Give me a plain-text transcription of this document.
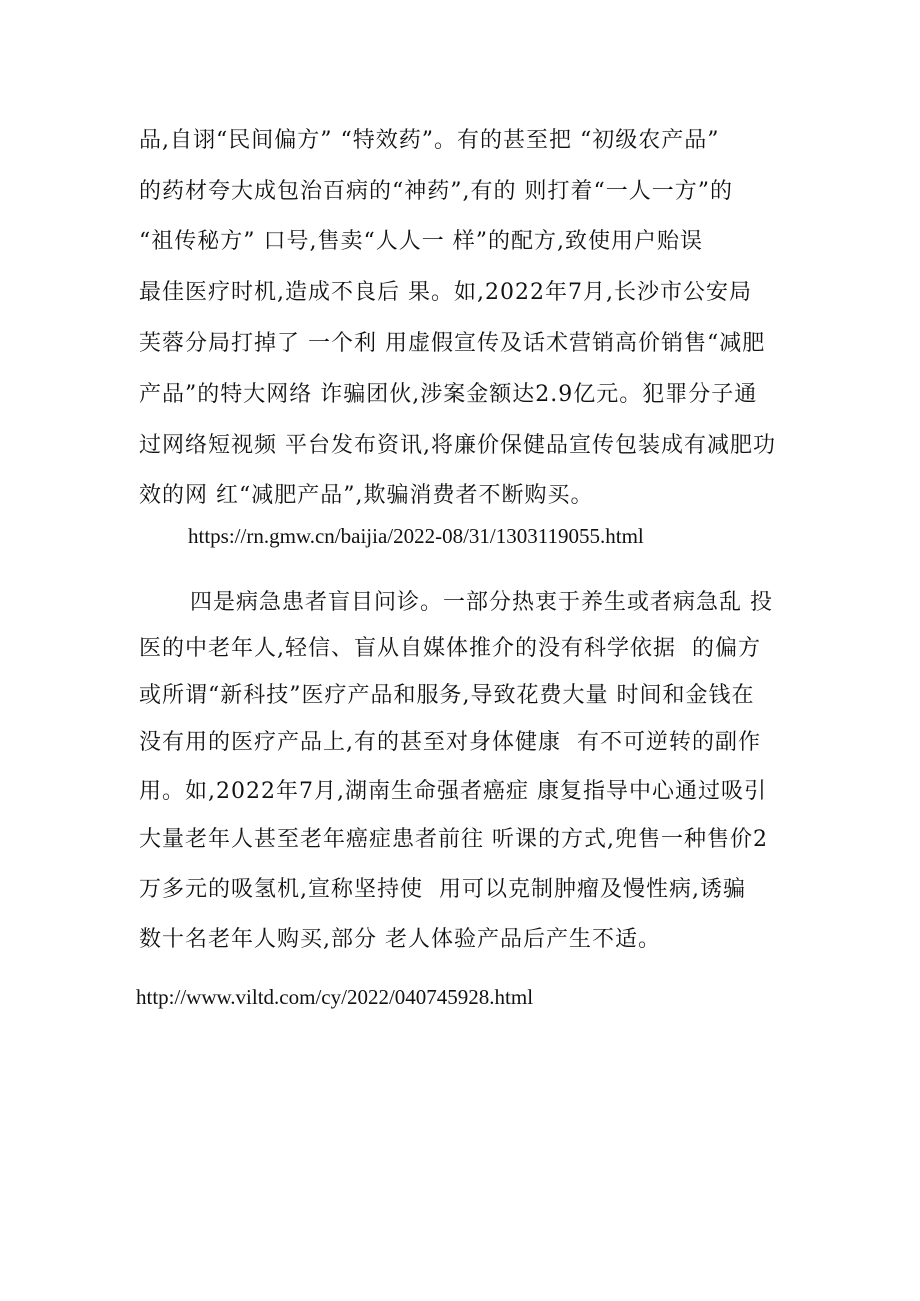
品,自诩“民间偏方” “特效药”。有的甚至把 “初级农产品”
的药材夸大成包治百病的“神药”,有的 则打着“一人一方”的
“祖传秘方” 口号,售卖“人人一 样”的配方,致使用户贻误
最佳医疗时机,造成不良后 果。如,2022年7月,长沙市公安局
芙蓉分局打掉了 一个利 用虚假宣传及话术营销高价销售“减肥
产品”的特大网络 诈骗团伙,涉案金额达2.9亿元。犯罪分子通
过网络短视频 平台发布资讯,将廉价保健品宣传包装成有减肥功
效的网 红“减肥产品”,欺骗消费者不断购买。
https://rn.gmw.cn/baijia/2022-08/31/1303119055.html
四是病急患者盲目问诊。一部分热衷于养生或者病急乱 投
医的中老年人,轻信、盲从自媒体推介的没有科学依据  的偏方
或所谓“新科技”医疗产品和服务,导致花费大量 时间和金钱在
没有用的医疗产品上,有的甚至对身体健康  有不可逆转的副作
用。如,2022年7月,湖南生命强者癌症 康复指导中心通过吸引
大量老年人甚至老年癌症患者前往 听课的方式,兜售一种售价2
万多元的吸氢机,宣称坚持使  用可以克制肿瘤及慢性病,诱骗
数十名老年人购买,部分 老人体验产品后产生不适。
http://www.viltd.com/cy/2022/040745928.html
